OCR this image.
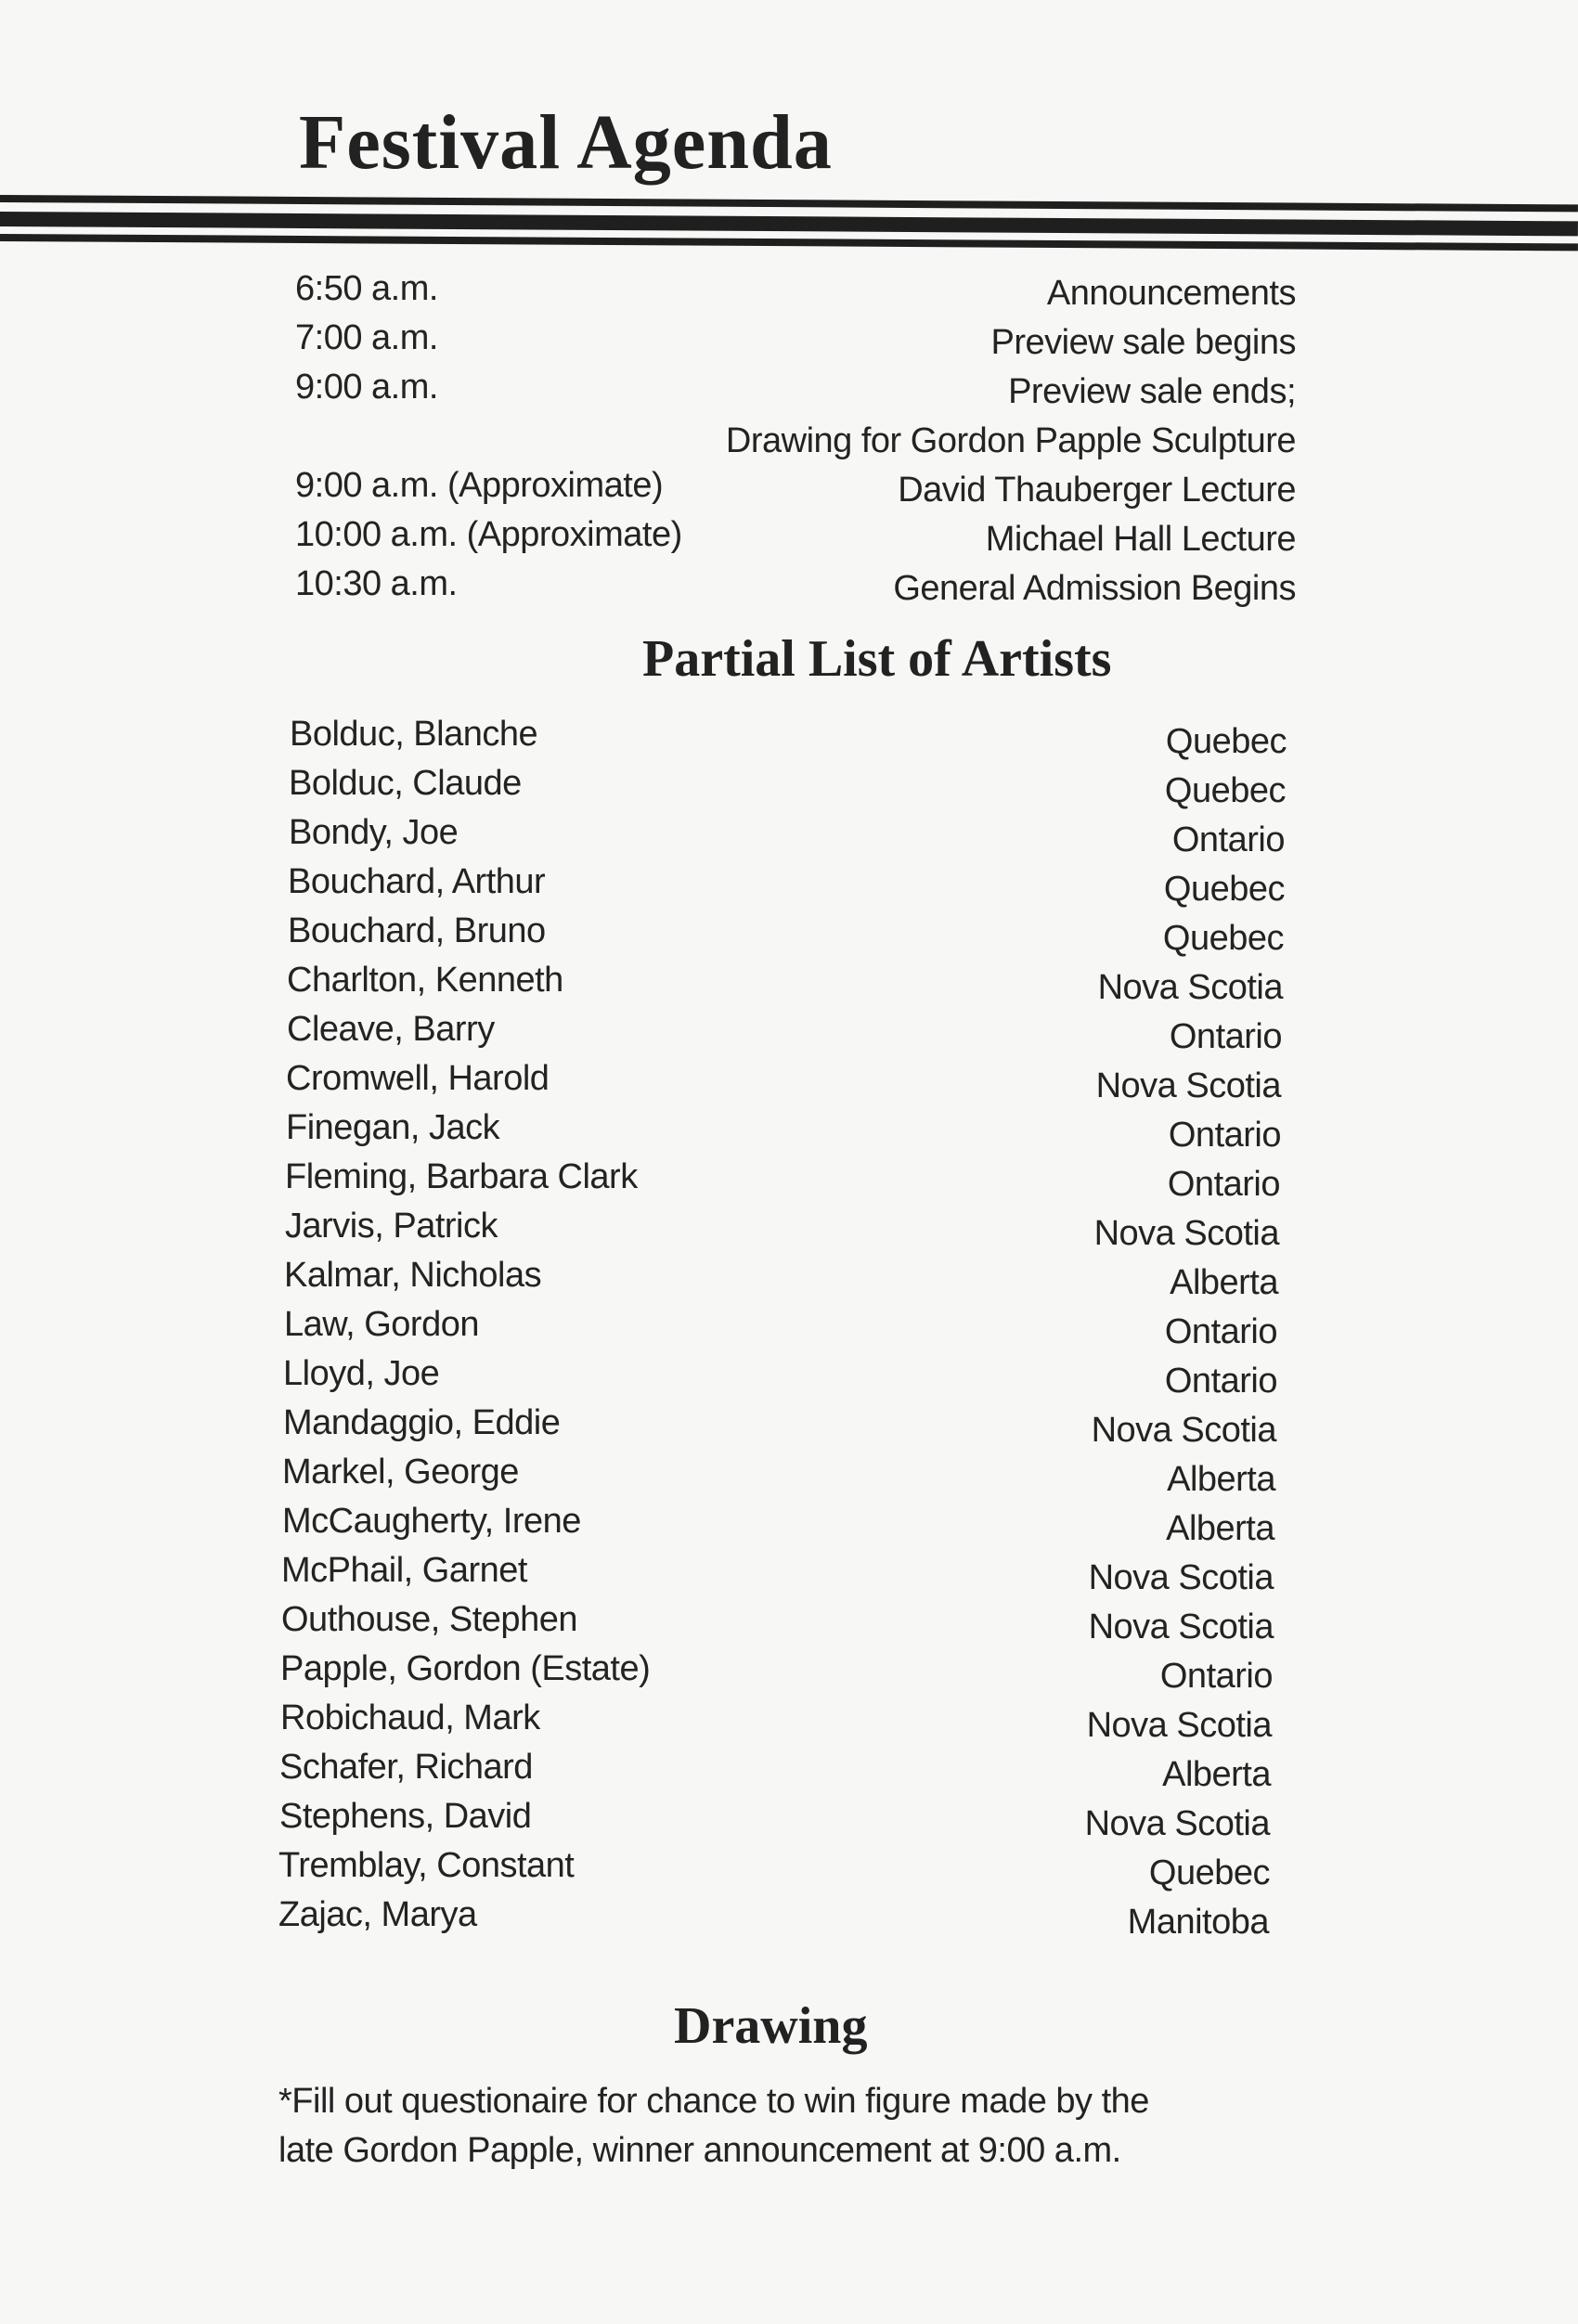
Festival Agenda
6:50 a.m.	Announcements
7:00 a.m.	Preview sale begins
9:00 a.m.	Preview sale ends;
Drawing for Gordon Papple Sculpture
9:00 a.m. (Approximate)	David Thauberger Lecture
10:00 a.m. (Approximate)	Michael Hall Lecture
10:30 a.m.	General Admission Begins
Partial List of Artists
Bolduc, Blanche	Quebec
Bolduc, Claude	Quebec
Bondy, Joe	Ontario
Bouchard, Arthur	Quebec
Bouchard, Bruno	Quebec
Charlton, Kenneth	Nova Scotia
Cleave, Barry	Ontario
Cromwell, Harold	Nova Scotia
Finegan, Jack	Ontario
Fleming, Barbara Clark	Ontario
Jarvis, Patrick	Nova Scotia
Kalmar, Nicholas	Alberta
Law, Gordon	Ontario
Lloyd, Joe	Ontario
Mandaggio, Eddie	Nova Scotia
Markel, George	Alberta
McCaugherty, Irene	Alberta
McPhail, Garnet	Nova Scotia
Outhouse, Stephen	Nova Scotia
Papple, Gordon (Estate)	Ontario
Robichaud, Mark	Nova Scotia
Schafer, Richard	Alberta
Stephens, David	Nova Scotia
Tremblay, Constant	Quebec
Zajac, Marya	Manitoba
Drawing
*Fill out questionaire for chance to win figure made by the
late Gordon Papple, winner announcement at 9:00 a.m.
